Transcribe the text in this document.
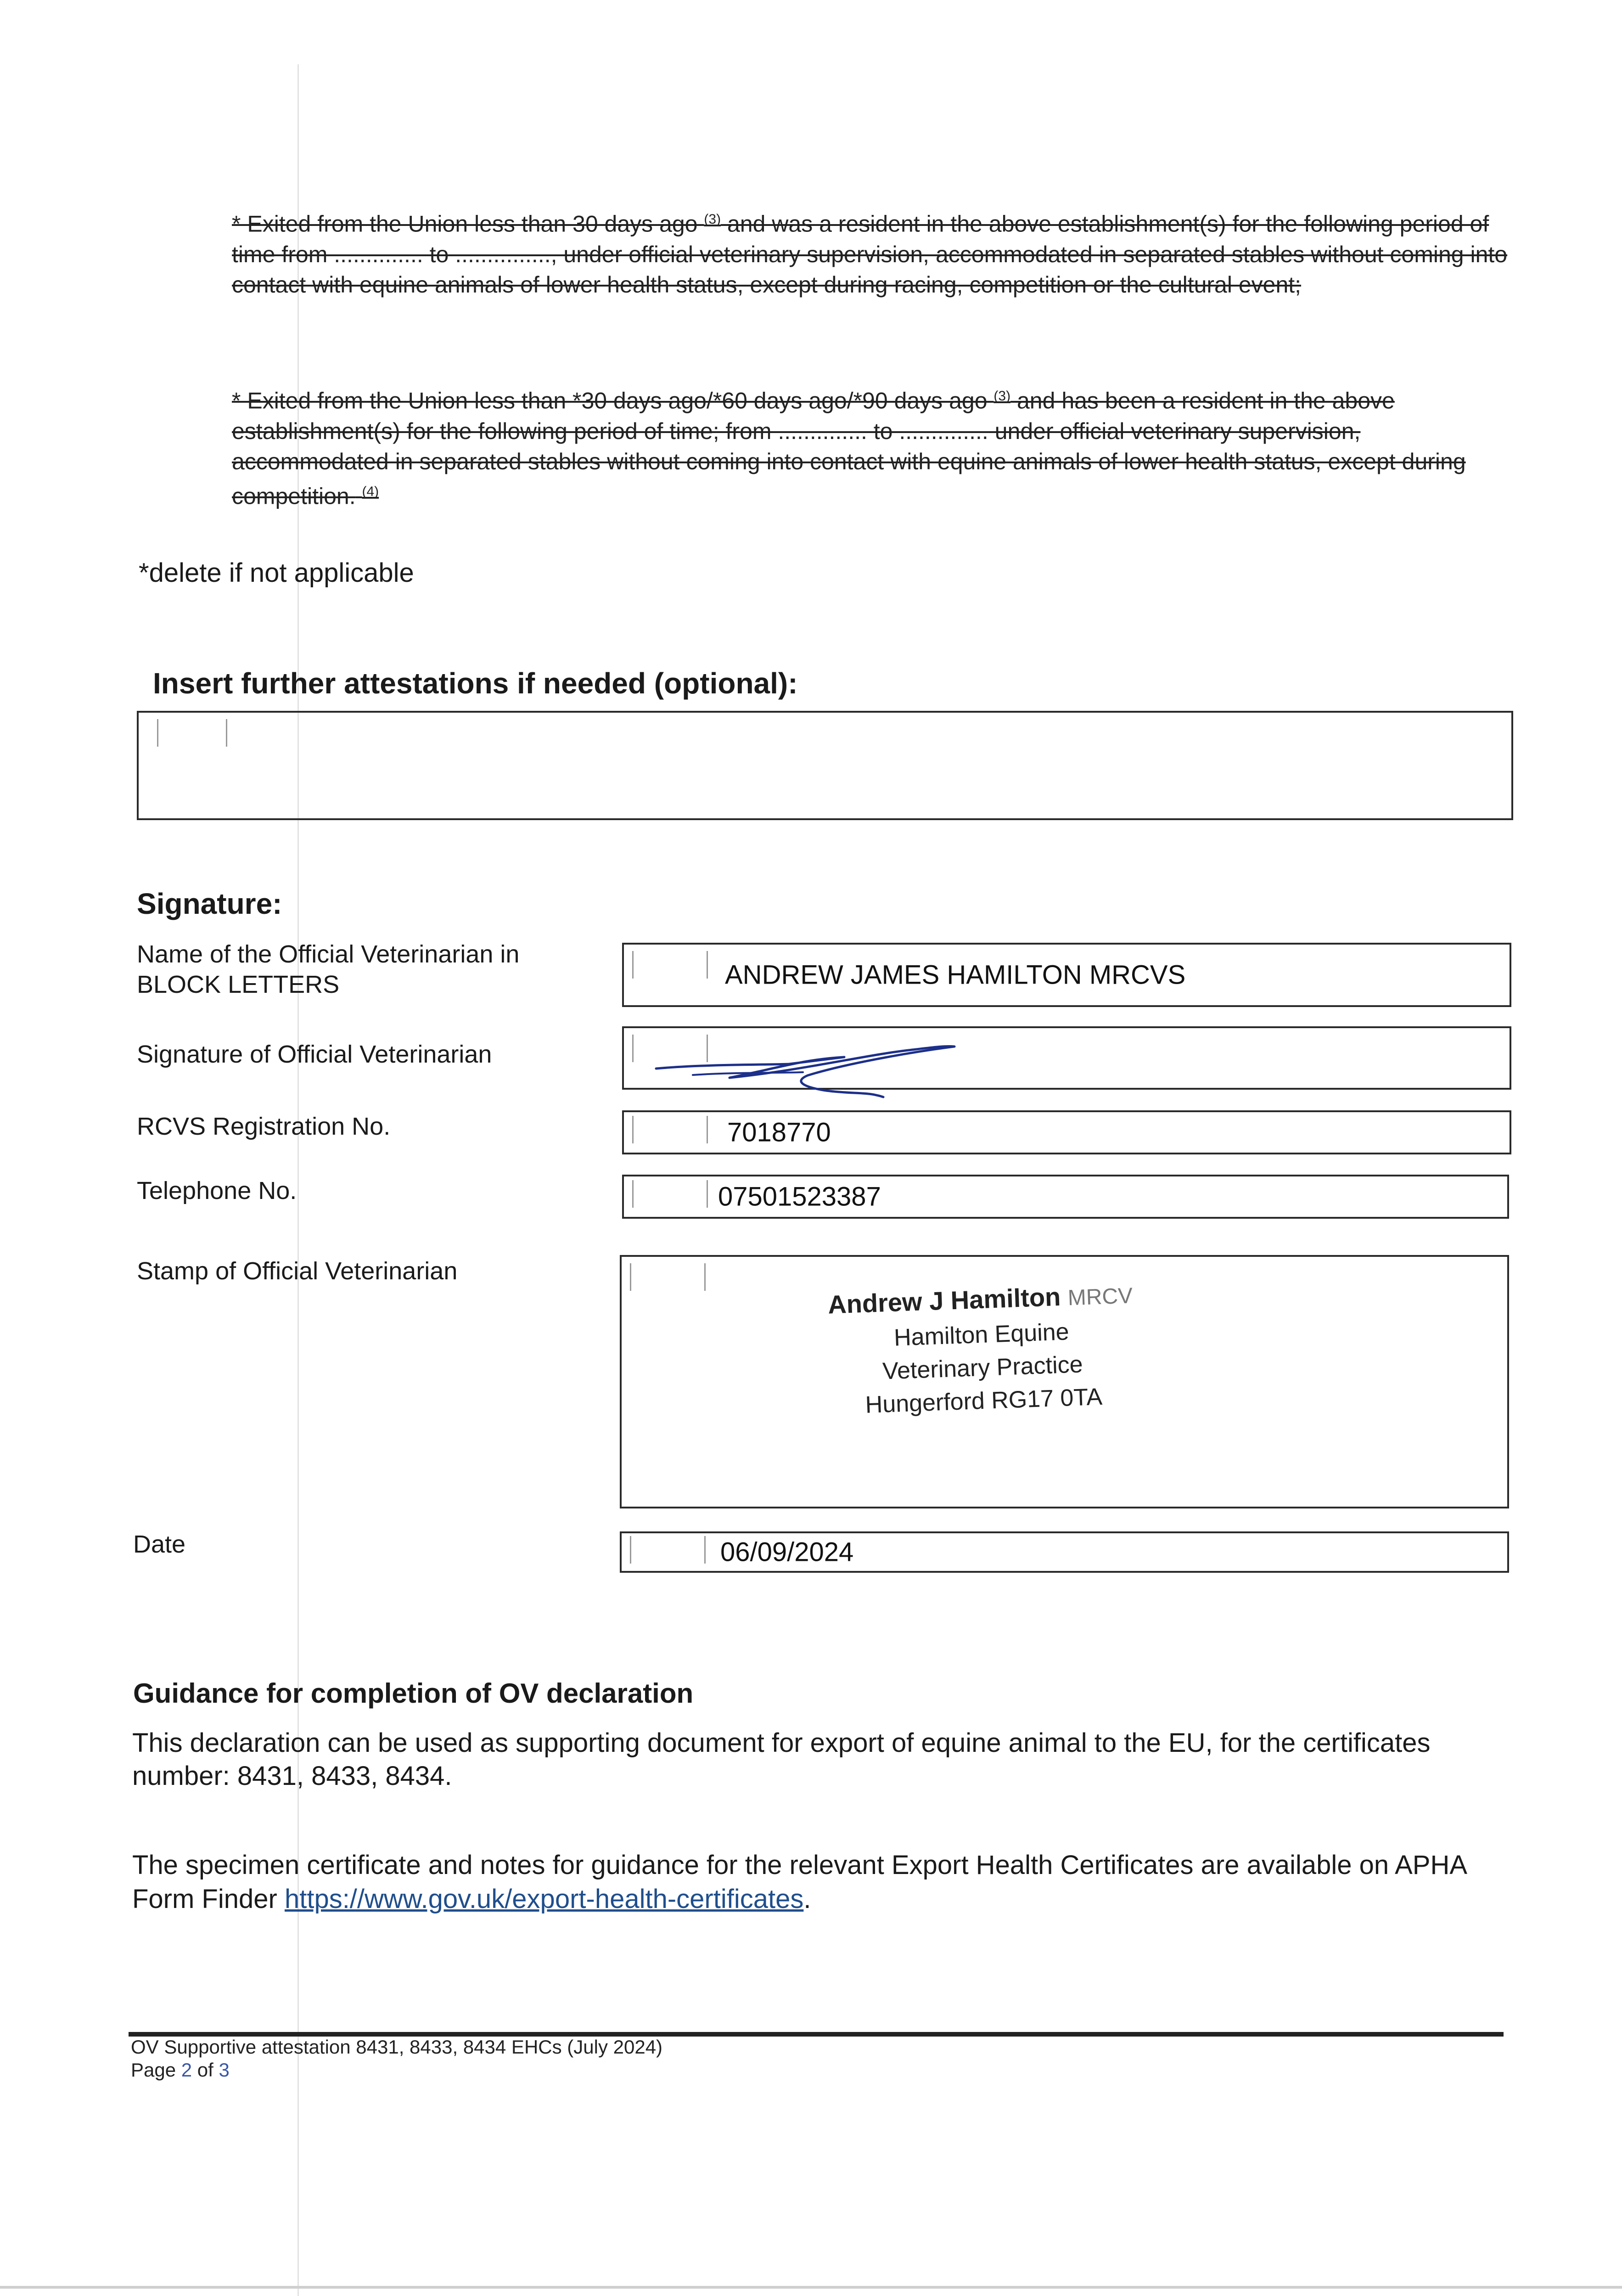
* Exited from the Union less than 30 days ago $^{(3)}$ and was a resident in the above establishment(s) for the following period of time from .............. to ..............., under official veterinary supervision, accommodated in separated stables without coming into contact with equine animals of lower health status, except during racing, competition or the cultural event;
* Exited from the Union less than *30 days ago/*60 days ago/*90 days ago $^{(3)}$ and has been a resident in the above establishment(s) for the following period of time; from .............. to .............. under official veterinary supervision, accommodated in separated stables without coming into contact with equine animals of lower health status, except during competition. $^{(4)}$
*delete if not applicable
Insert further attestations if needed (optional):
Signature:
Name of the Official Veterinarian in BLOCK LETTERS	ANDREW JAMES HAMILTON MRCVS
Signature of Official Veterinarian
RCVS Registration No.	7018770
Telephone No.	07501523387
Stamp of Official Veterinarian
Andrew J Hamilton MRCV
Hamilton Equine
Veterinary Practice
Hungerford RG17 0TA
Date	06/09/2024
Guidance for completion of OV declaration
This declaration can be used as supporting document for export of equine animal to the EU, for the certificates number: 8431, 8433, 8434.
The specimen certificate and notes for guidance for the relevant Export Health Certificates are available on APHA Form Finder https://www.gov.uk/export-health-certificates.
OV Supportive attestation 8431, 8433, 8434 EHCs (July 2024)
Page 2 of 3
